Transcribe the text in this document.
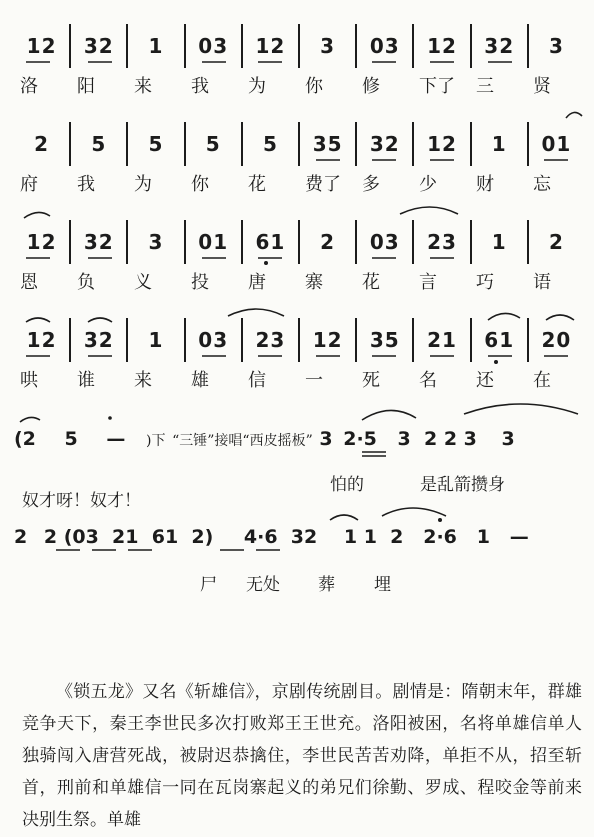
12	32	1	03	12	3	03	12	32	3
洛	阳	来	我	为	你	修	下了	三	贤
2	5	5	5	5	35	32	12	1	01
府	我	为	你	花	费了	多	少	财	忘
12	32	3	01	61	2	03	23	1	2
恩	负	义	投	唐	寨	花	言	巧	语
12	32	1	03	23	12	35	21	61	20
哄	谁	来	雄	信	一	死	名	还	在
(2 5 — )下 “三锤”接唱“西皮摇板” 3 2·5 3  2 2 3 3
奴才呀！奴才！
怕的	是乱箭攒身
2 2 (03  21  61  2) 4·6  32 1 1  2   2·6   1   —
尸 无处 葬 埋

《锁五龙》又名《斩雄信》，京剧传统剧目。剧情是：隋朝末年，群雄竞争天下，秦王李世民多次打败郑王王世充。洛阳被困，名将单雄信单人独骑闯入唐营死战，被尉迟恭擒住，李世民苦苦劝降，单拒不从，招至斩首，刑前和单雄信一同在瓦岗寨起义的弟兄们徐勤、罗成、程咬金等前来决别生祭。单雄
